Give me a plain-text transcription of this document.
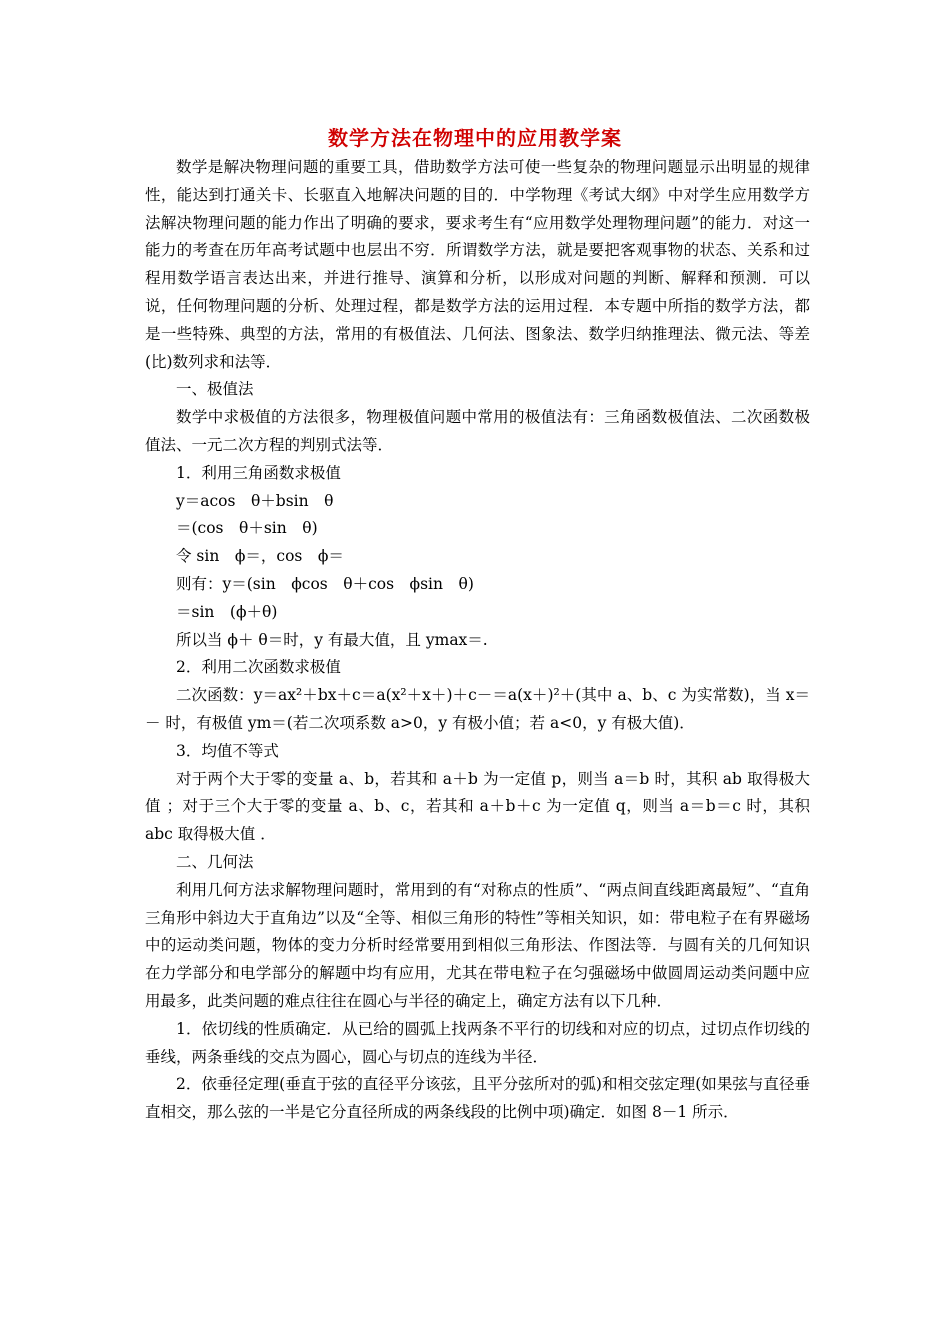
数学方法在物理中的应用教学案

数学是解决物理问题的重要工具，借助数学方法可使一些复杂的物理问题显示出明显的规律性，能达到打通关卡、长驱直入地解决问题的目的．中学物理《考试大纲》中对学生应用数学方法解决物理问题的能力作出了明确的要求，要求考生有“应用数学处理物理问题”的能力．对这一能力的考查在历年高考试题中也层出不穷．所谓数学方法，就是要把客观事物的状态、关系和过程用数学语言表达出来，并进行推导、演算和分析，以形成对问题的判断、解释和预测．可以说，任何物理问题的分析、处理过程，都是数学方法的运用过程．本专题中所指的数学方法，都是一些特殊、典型的方法，常用的有极值法、几何法、图象法、数学归纳推理法、微元法、等差(比)数列求和法等．

一、极值法

数学中求极值的方法很多，物理极值问题中常用的极值法有：三角函数极值法、二次函数极值法、一元二次方程的判别式法等．

1．利用三角函数求极值

y＝acos　θ＋bsin　θ

＝(cos　θ＋sin　θ)

令 sin　ϕ＝，cos　ϕ＝

则有：y＝(sin　ϕcos　θ＋cos　ϕsin　θ)

＝sin　(ϕ＋θ)

所以当 ϕ＋ θ＝时，y 有最大值，且 ymax＝.

2．利用二次函数求极值

二次函数：y＝ax²＋bx＋c＝a(x²＋x＋)＋c－＝a(x＋)²＋(其中 a、b、c 为实常数)，当 x＝－ 时，有极值 ym＝(若二次项系数 a>0，y 有极小值；若 a<0，y 有极大值)．

3．均值不等式

对于两个大于零的变量 a、b，若其和 a＋b 为一定值 p，则当 a＝b 时，其积 ab 取得极大值 ；对于三个大于零的变量 a、b、c，若其和 a＋b＋c 为一定值 q，则当 a＝b＝c 时，其积 abc 取得极大值 ．

二、几何法

利用几何方法求解物理问题时，常用到的有“对称点的性质”、“两点间直线距离最短”、“直角三角形中斜边大于直角边”以及“全等、相似三角形的特性”等相关知识，如：带电粒子在有界磁场中的运动类问题，物体的变力分析时经常要用到相似三角形法、作图法等．与圆有关的几何知识在力学部分和电学部分的解题中均有应用，尤其在带电粒子在匀强磁场中做圆周运动类问题中应用最多，此类问题的难点往往在圆心与半径的确定上，确定方法有以下几种．

1．依切线的性质确定．从已给的圆弧上找两条不平行的切线和对应的切点，过切点作切线的垂线，两条垂线的交点为圆心，圆心与切点的连线为半径．

2．依垂径定理(垂直于弦的直径平分该弦，且平分弦所对的弧)和相交弦定理(如果弦与直径垂直相交，那么弦的一半是它分直径所成的两条线段的比例中项)确定．如图 8－1 所示．
